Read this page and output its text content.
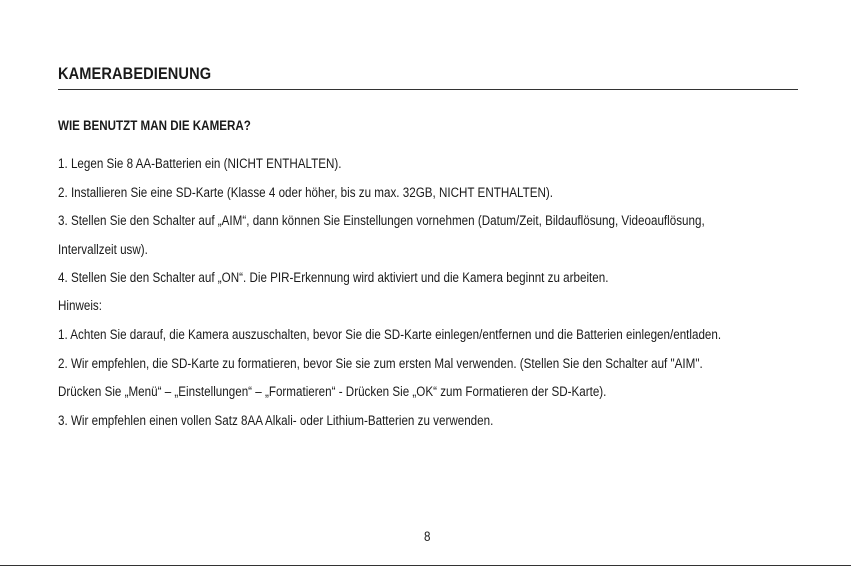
KAMERABEDIENUNG
WIE BENUTZT MAN DIE KAMERA?
1. Legen Sie 8 AA-Batterien ein (NICHT ENTHALTEN).
2. Installieren Sie eine SD-Karte (Klasse 4 oder höher, bis zu max. 32GB, NICHT ENTHALTEN).
3. Stellen Sie den Schalter auf „AIM“, dann können Sie Einstellungen vornehmen (Datum/Zeit, Bildauflösung, Videoauflösung,
Intervallzeit usw).
4. Stellen Sie den Schalter auf „ON“. Die PIR-Erkennung wird aktiviert und die Kamera beginnt zu arbeiten.
Hinweis:
1. Achten Sie darauf, die Kamera auszuschalten, bevor Sie die SD-Karte einlegen/entfernen und die Batterien einlegen/entladen.
2. Wir empfehlen, die SD-Karte zu formatieren, bevor Sie sie zum ersten Mal verwenden. (Stellen Sie den Schalter auf "AIM".
Drücken Sie „Menü“ – „Einstellungen“ – „Formatieren“ - Drücken Sie „OK“ zum Formatieren der SD-Karte).
3. Wir empfehlen einen vollen Satz 8AA Alkali- oder Lithium-Batterien zu verwenden.
8
